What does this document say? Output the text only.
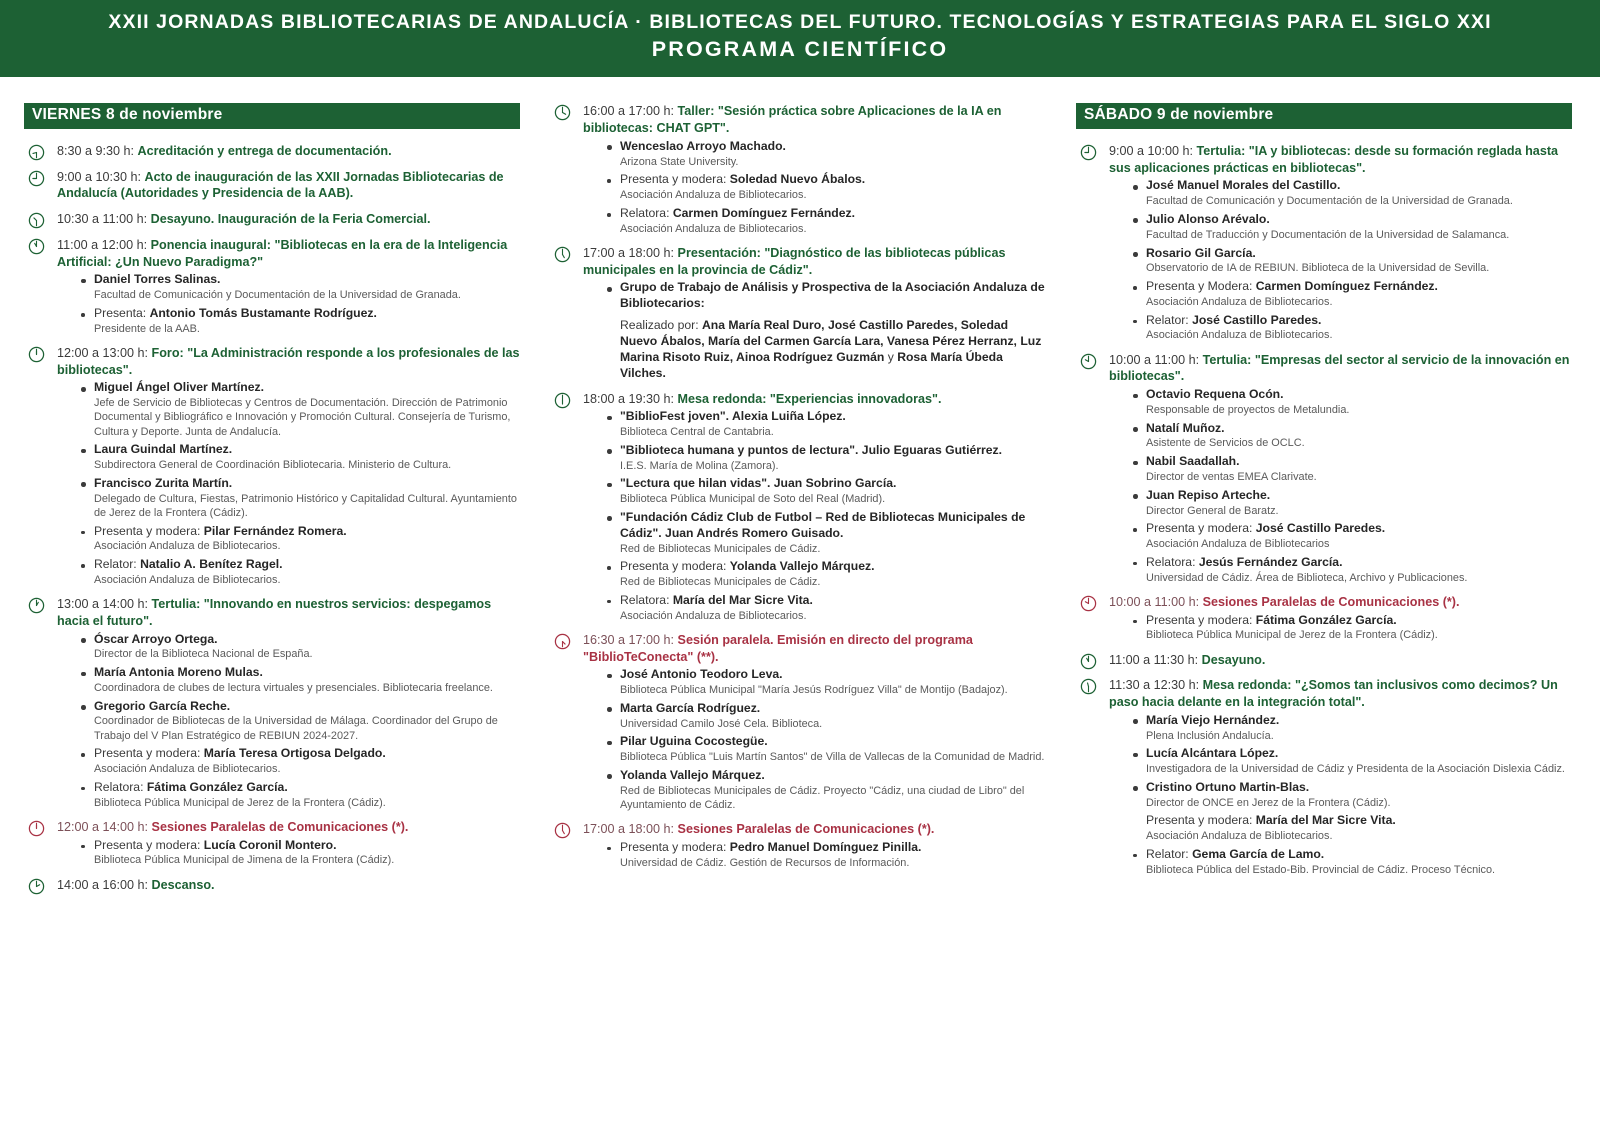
XXII JORNADAS BIBLIOTECARIAS DE ANDALUCÍA · BIBLIOTECAS DEL FUTURO. TECNOLOGÍAS Y ESTRATEGIAS PARA EL SIGLO XXI
PROGRAMA CIENTÍFICO
VIERNES 8 de noviembre
8:30 a 9:30 h: Acreditación y entrega de documentación.
9:00 a 10:30 h: Acto de inauguración de las XXII Jornadas Bibliotecarias de Andalucía (Autoridades y Presidencia de la AAB).
10:30 a 11:00 h: Desayuno. Inauguración de la Feria Comercial.
11:00 a 12:00 h: Ponencia inaugural: "Bibliotecas en la era de la Inteligencia Artificial: ¿Un Nuevo Paradigma?"
Daniel Torres Salinas.
Facultad de Comunicación y Documentación de la Universidad de Granada.
Presenta: Antonio Tomás Bustamante Rodríguez.
Presidente de la AAB.
12:00 a 13:00 h: Foro: "La Administración responde a los profesionales de las bibliotecas".
Miguel Ángel Oliver Martínez.
Jefe de Servicio de Bibliotecas y Centros de Documentación. Dirección de Patrimonio Documental y Bibliográfico e Innovación y Promoción Cultural. Consejería de Turismo, Cultura y Deporte. Junta de Andalucía.
Laura Guindal Martínez.
Subdirectora General de Coordinación Bibliotecaria. Ministerio de Cultura.
Francisco Zurita Martín.
Delegado de Cultura, Fiestas, Patrimonio Histórico y Capitalidad Cultural. Ayuntamiento de Jerez de la Frontera (Cádiz).
Presenta y modera: Pilar Fernández Romera.
Asociación Andaluza de Bibliotecarios.
Relator: Natalio A. Benítez Ragel.
Asociación Andaluza de Bibliotecarios.
13:00 a 14:00 h: Tertulia: "Innovando en nuestros servicios: despegamos hacia el futuro".
Óscar Arroyo Ortega.
Director de la Biblioteca Nacional de España.
María Antonia Moreno Mulas.
Coordinadora de clubes de lectura virtuales y presenciales. Bibliotecaria freelance.
Gregorio García Reche.
Coordinador de Bibliotecas de la Universidad de Málaga. Coordinador del Grupo de Trabajo del V Plan Estratégico de REBIUN 2024-2027.
Presenta y modera: María Teresa Ortigosa Delgado.
Asociación Andaluza de Bibliotecarios.
Relatora: Fátima González García.
Biblioteca Pública Municipal de Jerez de la Frontera (Cádiz).
12:00 a 14:00 h: Sesiones Paralelas de Comunicaciones (*).
Presenta y modera: Lucía Coronil Montero.
Biblioteca Pública Municipal de Jimena de la Frontera (Cádiz).
14:00 a 16:00 h: Descanso.
16:00 a 17:00 h: Taller: "Sesión práctica sobre Aplicaciones de la IA en bibliotecas: CHAT GPT".
Wenceslao Arroyo Machado.
Arizona State University.
Presenta y modera: Soledad Nuevo Ábalos.
Asociación Andaluza de Bibliotecarios.
Relatora: Carmen Domínguez Fernández.
Asociación Andaluza de Bibliotecarios.
17:00 a 18:00 h: Presentación: "Diagnóstico de las bibliotecas públicas municipales en la provincia de Cádiz".
Grupo de Trabajo de Análisis y Prospectiva de la Asociación Andaluza de Bibliotecarios:
Realizado por: Ana María Real Duro, José Castillo Paredes, Soledad Nuevo Ábalos, María del Carmen García Lara, Vanesa Pérez Herranz, Luz Marina Risoto Ruiz, Ainoa Rodríguez Guzmán y Rosa María Úbeda Vilches.
18:00 a 19:30 h: Mesa redonda: "Experiencias innovadoras".
"BiblioFest joven". Alexia Luiña López.
Biblioteca Central de Cantabria.
"Biblioteca humana y puntos de lectura". Julio Eguaras Gutiérrez.
I.E.S. María de Molina (Zamora).
"Lectura que hilan vidas". Juan Sobrino García.
Biblioteca Pública Municipal de Soto del Real (Madrid).
"Fundación Cádiz Club de Futbol – Red de Bibliotecas Municipales de Cádiz". Juan Andrés Romero Guisado.
Red de Bibliotecas Municipales de Cádiz.
Presenta y modera: Yolanda Vallejo Márquez.
Red de Bibliotecas Municipales de Cádiz.
Relatora: María del Mar Sicre Vita.
Asociación Andaluza de Bibliotecarios.
16:30 a 17:00 h: Sesión paralela. Emisión en directo del programa "BiblioTeConecta" (**).
José Antonio Teodoro Leva.
Biblioteca Pública Municipal "María Jesús Rodríguez Villa" de Montijo (Badajoz).
Marta García Rodríguez.
Universidad Camilo José Cela. Biblioteca.
Pilar Uguina Cocostegüe.
Biblioteca Pública "Luis Martín Santos" de Villa de Vallecas de la Comunidad de Madrid.
Yolanda Vallejo Márquez.
Red de Bibliotecas Municipales de Cádiz. Proyecto "Cádiz, una ciudad de Libro" del Ayuntamiento de Cádiz.
17:00 a 18:00 h: Sesiones Paralelas de Comunicaciones (*).
Presenta y modera: Pedro Manuel Domínguez Pinilla.
Universidad de Cádiz. Gestión de Recursos de Información.
SÁBADO 9 de noviembre
9:00 a 10:00 h: Tertulia: "IA y bibliotecas: desde su formación reglada hasta sus aplicaciones prácticas en bibliotecas".
José Manuel Morales del Castillo.
Facultad de Comunicación y Documentación de la Universidad de Granada.
Julio Alonso Arévalo.
Facultad de Traducción y Documentación de la Universidad de Salamanca.
Rosario Gil García.
Observatorio de IA de REBIUN. Biblioteca de la Universidad de Sevilla.
Presenta y Modera: Carmen Domínguez Fernández.
Asociación Andaluza de Bibliotecarios.
Relator: José Castillo Paredes.
Asociación Andaluza de Bibliotecarios.
10:00 a 11:00 h: Tertulia: "Empresas del sector al servicio de la innovación en bibliotecas".
Octavio Requena Ocón.
Responsable de proyectos de Metalundia.
Natalí Muñoz.
Asistente de Servicios de OCLC.
Nabil Saadallah.
Director de ventas EMEA Clarivate.
Juan Repiso Arteche.
Director General de Baratz.
Presenta y modera: José Castillo Paredes.
Asociación Andaluza de Bibliotecarios
Relatora: Jesús Fernández García.
Universidad de Cádiz. Área de Biblioteca, Archivo y Publicaciones.
10:00 a 11:00 h: Sesiones Paralelas de Comunicaciones (*).
Presenta y modera: Fátima González García.
Biblioteca Pública Municipal de Jerez de la Frontera (Cádiz).
11:00 a 11:30 h: Desayuno.
11:30 a 12:30 h: Mesa redonda: "¿Somos tan inclusivos como decimos? Un paso hacia delante en la integración total".
María Viejo Hernández.
Plena Inclusión Andalucía.
Lucía Alcántara López.
Investigadora de la Universidad de Cádiz y Presidenta de la Asociación Dislexia Cádiz.
Cristino Ortuno Martin-Blas.
Director de ONCE en Jerez de la Frontera (Cádiz).
Presenta y modera: María del Mar Sicre Vita.
Asociación Andaluza de Bibliotecarios.
Relator: Gema García de Lamo.
Biblioteca Pública del Estado-Bib. Provincial de Cádiz. Proceso Técnico.
